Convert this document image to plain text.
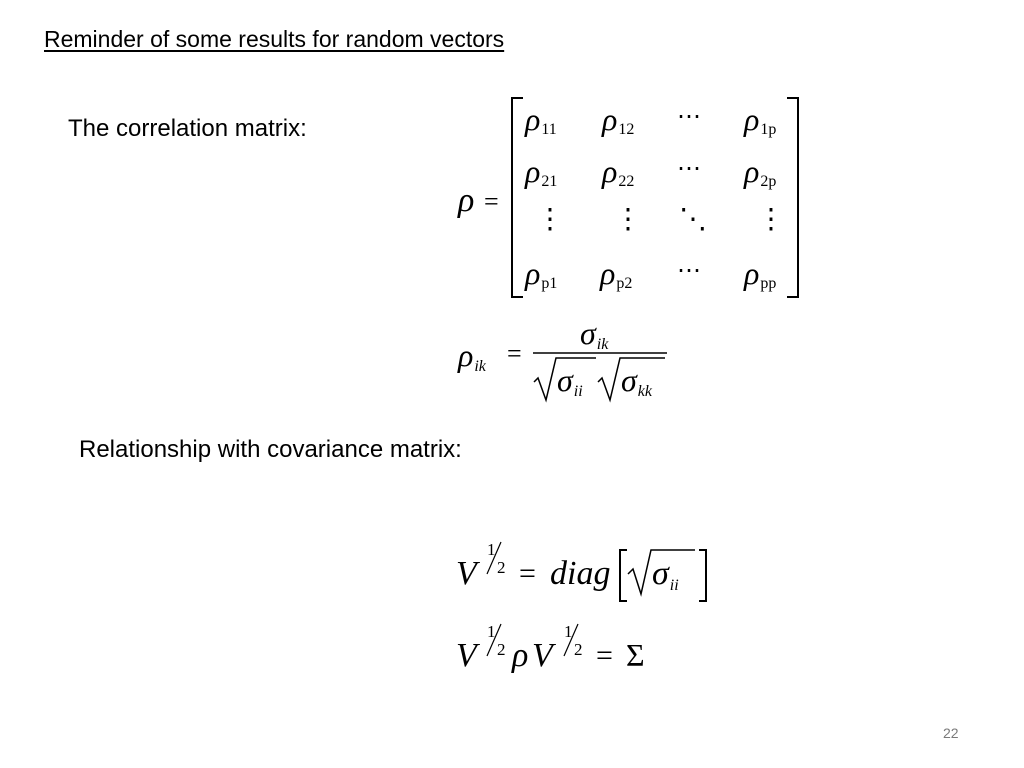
Reminder of some results for random vectors
The correlation matrix:
Relationship with covariance matrix:
ρ =
ρ11 ρ12 ⋯ ρ1p
ρ21 ρ22 ⋯ ρ2p
⋮ ⋮ ⋱ ⋮
ρp1 ρp2 ⋯ ρpp
ρik =
σik
σii σkk
V
1
2 = diag σii
V
1
2 ρ V
1
2 = Σ
22
